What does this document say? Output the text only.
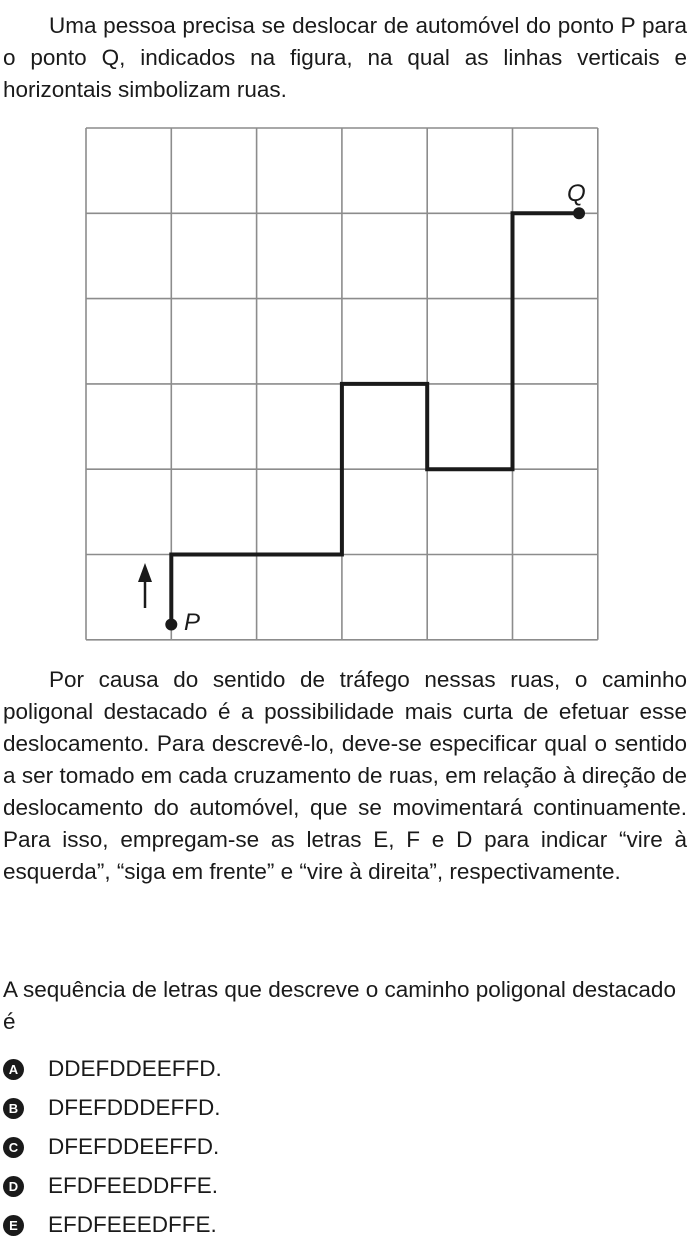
Uma pessoa precisa se deslocar de automóvel do ponto P para o ponto Q, indicados na figura, na qual as linhas verticais e horizontais simbolizam ruas.

P
Q

Por causa do sentido de tráfego nessas ruas, o caminho poligonal destacado é a possibilidade mais curta de efetuar esse deslocamento. Para descrevê-lo, deve-se especificar qual o sentido a ser tomado em cada cruzamento de ruas, em relação à direção de deslocamento do automóvel, que se movimentará continuamente. Para isso, empregam-se as letras E, F e D para indicar “vire à esquerda”, “siga em frente” e “vire à direita”, respectivamente.

A sequência de letras que descreve o caminho poligonal destacado é

A DDEFDDEEFFD.
B DFEFDDDEFFD.
C DFEFDDEEFFD.
D EFDFEEDDFFE.
E EFDFEEEDFFE.
